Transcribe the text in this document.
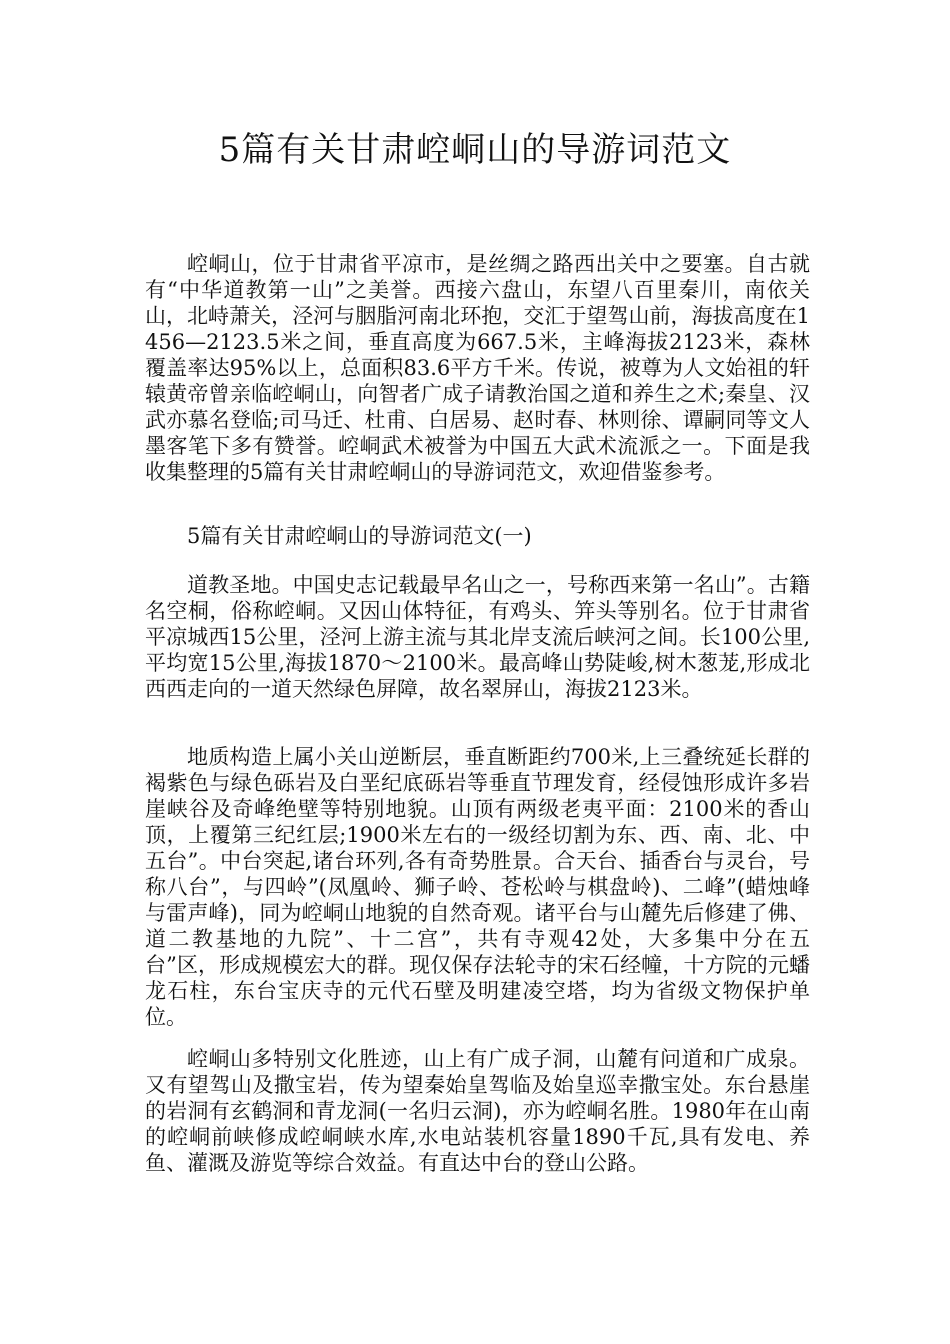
5篇有关甘肃崆峒山的导游词范文

崆峒山，位于甘肃省平凉市，是丝绸之路西出关中之要塞。自古就有“中华道教第一山”之美誉。西接六盘山，东望八百里秦川，南依关山，北峙萧关，泾河与胭脂河南北环抱，交汇于望驾山前，海拔高度在1456—2123.5米之间，垂直高度为667.5米，主峰海拔2123米，森林覆盖率达95%以上，总面积83.6平方千米。传说，被尊为人文始祖的轩辕黄帝曾亲临崆峒山，向智者广成子请教治国之道和养生之术;秦皇、汉武亦慕名登临;司马迁、杜甫、白居易、赵时春、林则徐、谭嗣同等文人墨客笔下多有赞誉。崆峒武术被誉为中国五大武术流派之一。下面是我收集整理的5篇有关甘肃崆峒山的导游词范文，欢迎借鉴参考。

5篇有关甘肃崆峒山的导游词范文(一)

道教圣地。中国史志记载最早名山之一，号称西来第一名山”。古籍名空桐，俗称崆峒。又因山体特征，有鸡头、笄头等别名。位于甘肃省平凉城西15公里，泾河上游主流与其北岸支流后峡河之间。长100公里,平均宽15公里,海拔1870～2100米。最高峰山势陡峻,树木葱茏,形成北西西走向的一道天然绿色屏障，故名翠屏山，海拔2123米。

地质构造上属小关山逆断层，垂直断距约700米,上三叠统延长群的褐紫色与绿色砾岩及白垩纪底砾岩等垂直节理发育，经侵蚀形成许多岩崖峡谷及奇峰绝壁等特别地貌。山顶有两级老夷平面：2100米的香山顶，上覆第三纪红层;1900米左右的一级经切割为东、西、南、北、中五台”。中台突起,诸台环列,各有奇势胜景。合天台、插香台与灵台，号称八台”，与四岭”(凤凰岭、狮子岭、苍松岭与棋盘岭)、二峰”(蜡烛峰与雷声峰)，同为崆峒山地貌的自然奇观。诸平台与山麓先后修建了佛、道二教基地的九院”、十二宫”，共有寺观42处，大多集中分在五台”区，形成规模宏大的群。现仅保存法轮寺的宋石经幢，十方院的元蟠龙石柱，东台宝庆寺的元代石壁及明建凌空塔，均为省级文物保护单位。

崆峒山多特别文化胜迹，山上有广成子洞，山麓有问道和广成泉。又有望驾山及撒宝岩，传为望秦始皇驾临及始皇巡幸撒宝处。东台悬崖的岩洞有玄鹤洞和青龙洞(一名归云洞)，亦为崆峒名胜。1980年在山南的崆峒前峡修成崆峒峡水库,水电站装机容量1890千瓦,具有发电、养鱼、灌溉及游览等综合效益。有直达中台的登山公路。
